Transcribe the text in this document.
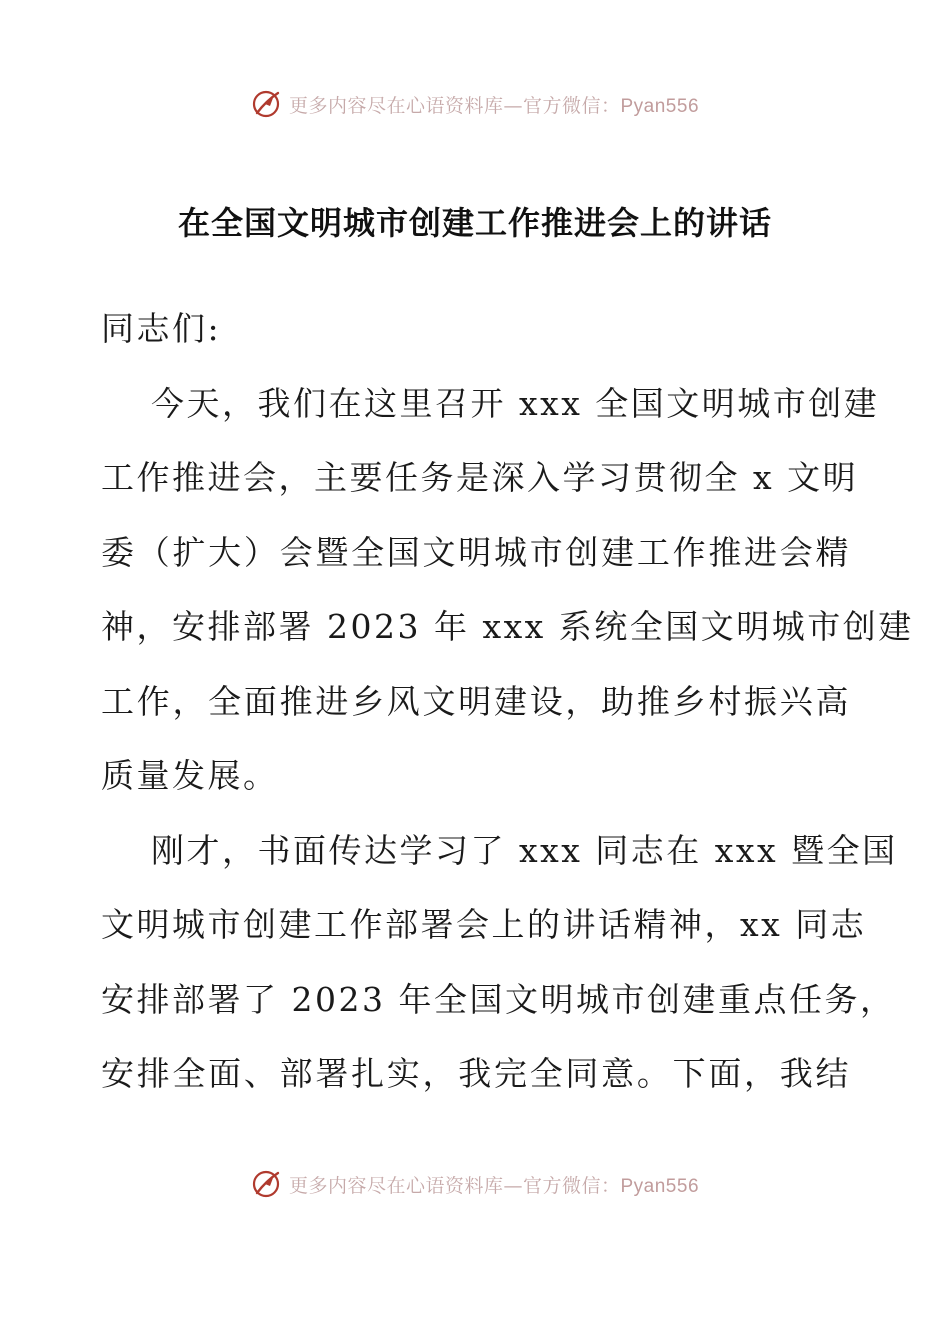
更多内容尽在心语资料库—官方微信：Pyan556
在全国文明城市创建工作推进会上的讲话

同志们:

今天，我们在这里召开 xxx 全国文明城市创建

工作推进会，主要任务是深入学习贯彻全 x 文明
委（扩大）会暨全国文明城市创建工作推进会精
神，安排部署 2023 年 xxx 系统全国文明城市创建
工作，全面推进乡风文明建设，助推乡村振兴高
质量发展。

刚才，书面传达学习了 xxx 同志在 xxx 暨全国

文明城市创建工作部署会上的讲话精神，xx 同志
安排部署了 2023 年全国文明城市创建重点任务，
安排全面、部署扎实，我完全同意。下面，我结

更多内容尽在心语资料库—官方微信：Pyan556
